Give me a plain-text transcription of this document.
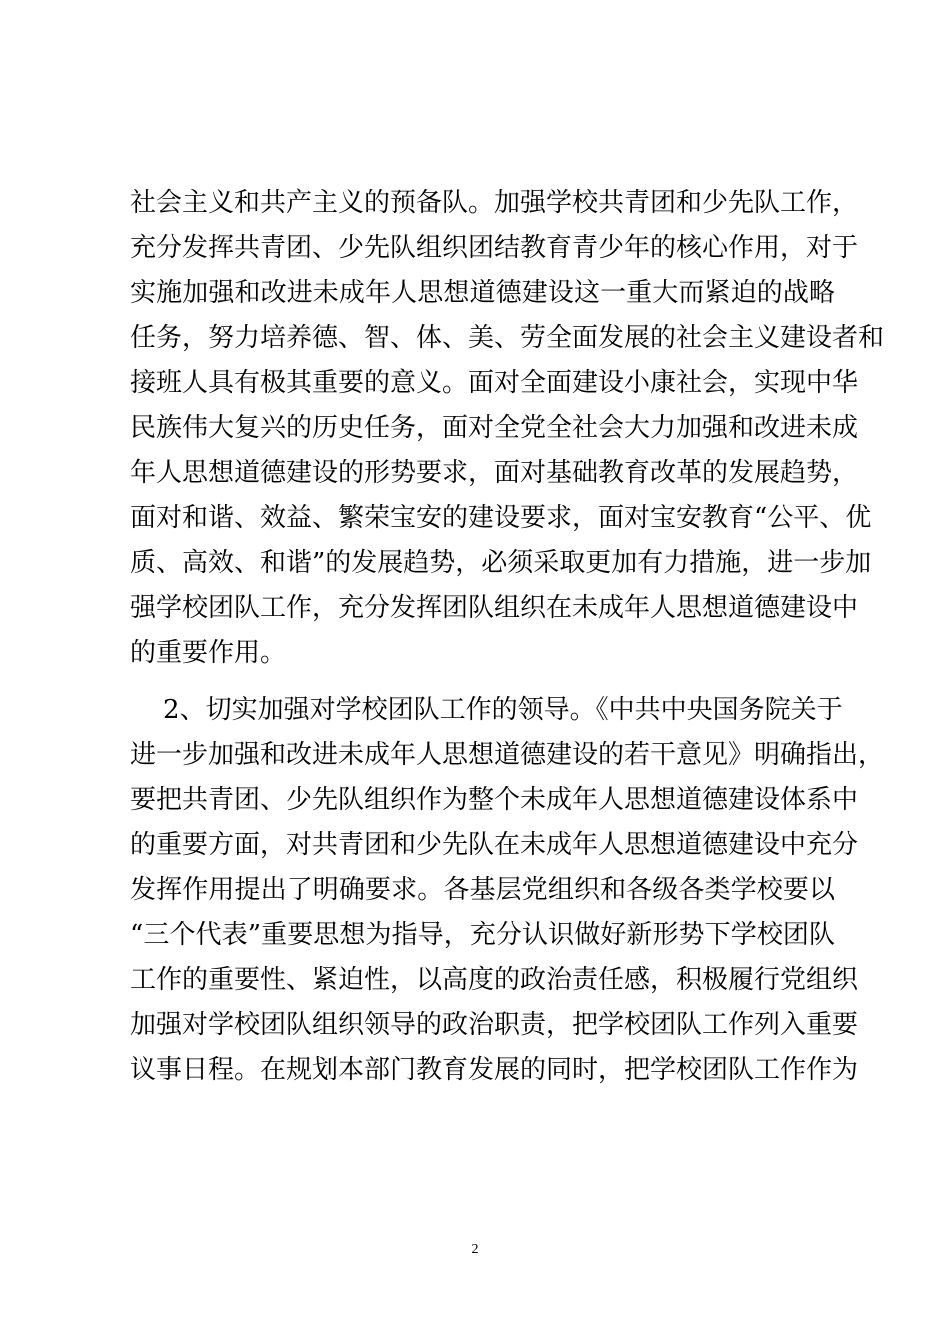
社会主义和共产主义的预备队。加强学校共青团和少先队工作，
充分发挥共青团、少先队组织团结教育青少年的核心作用，对于
实施加强和改进未成年人思想道德建设这一重大而紧迫的战略
任务，努力培养德、智、体、美、劳全面发展的社会主义建设者和
接班人具有极其重要的意义。面对全面建设小康社会，实现中华
民族伟大复兴的历史任务，面对全党全社会大力加强和改进未成
年人思想道德建设的形势要求，面对基础教育改革的发展趋势，
面对和谐、效益、繁荣宝安的建设要求，面对宝安教育“公平、优
质、高效、和谐”的发展趋势，必须采取更加有力措施，进一步加
强学校团队工作，充分发挥团队组织在未成年人思想道德建设中
的重要作用。
2、切实加强对学校团队工作的领导。《中共中央国务院关于
进一步加强和改进未成年人思想道德建设的若干意见》明确指出，
要把共青团、少先队组织作为整个未成年人思想道德建设体系中
的重要方面，对共青团和少先队在未成年人思想道德建设中充分
发挥作用提出了明确要求。各基层党组织和各级各类学校要以
“三个代表”重要思想为指导，充分认识做好新形势下学校团队
工作的重要性、紧迫性，以高度的政治责任感，积极履行党组织
加强对学校团队组织领导的政治职责，把学校团队工作列入重要
议事日程。在规划本部门教育发展的同时，把学校团队工作作为
2
